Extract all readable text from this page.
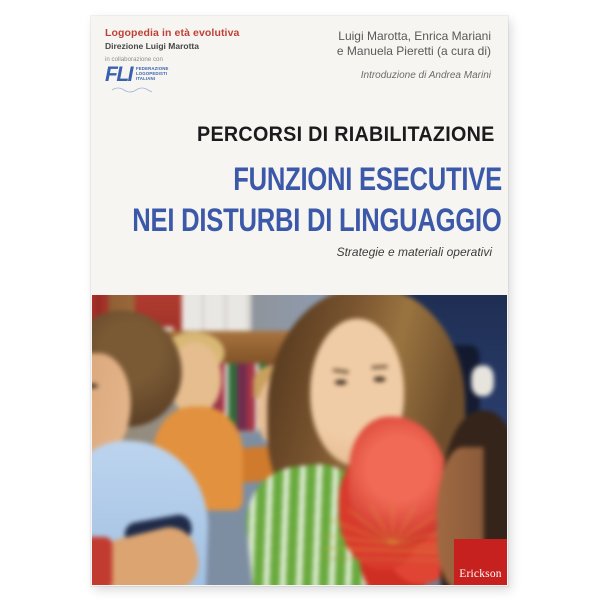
Logopedia in età evolutiva
Direzione Luigi Marotta
in collaborazione con
FLI FEDERAZIONE
LOGOPEDISTI
ITALIANI
Luigi Marotta, Enrica Mariani
e Manuela Pieretti (a cura di)
Introduzione di Andrea Marini
PERCORSI DI RIABILITAZIONE
FUNZIONI ESECUTIVE
NEI DISTURBI DI LINGUAGGIO
Strategie e materiali operativi
Erickson
